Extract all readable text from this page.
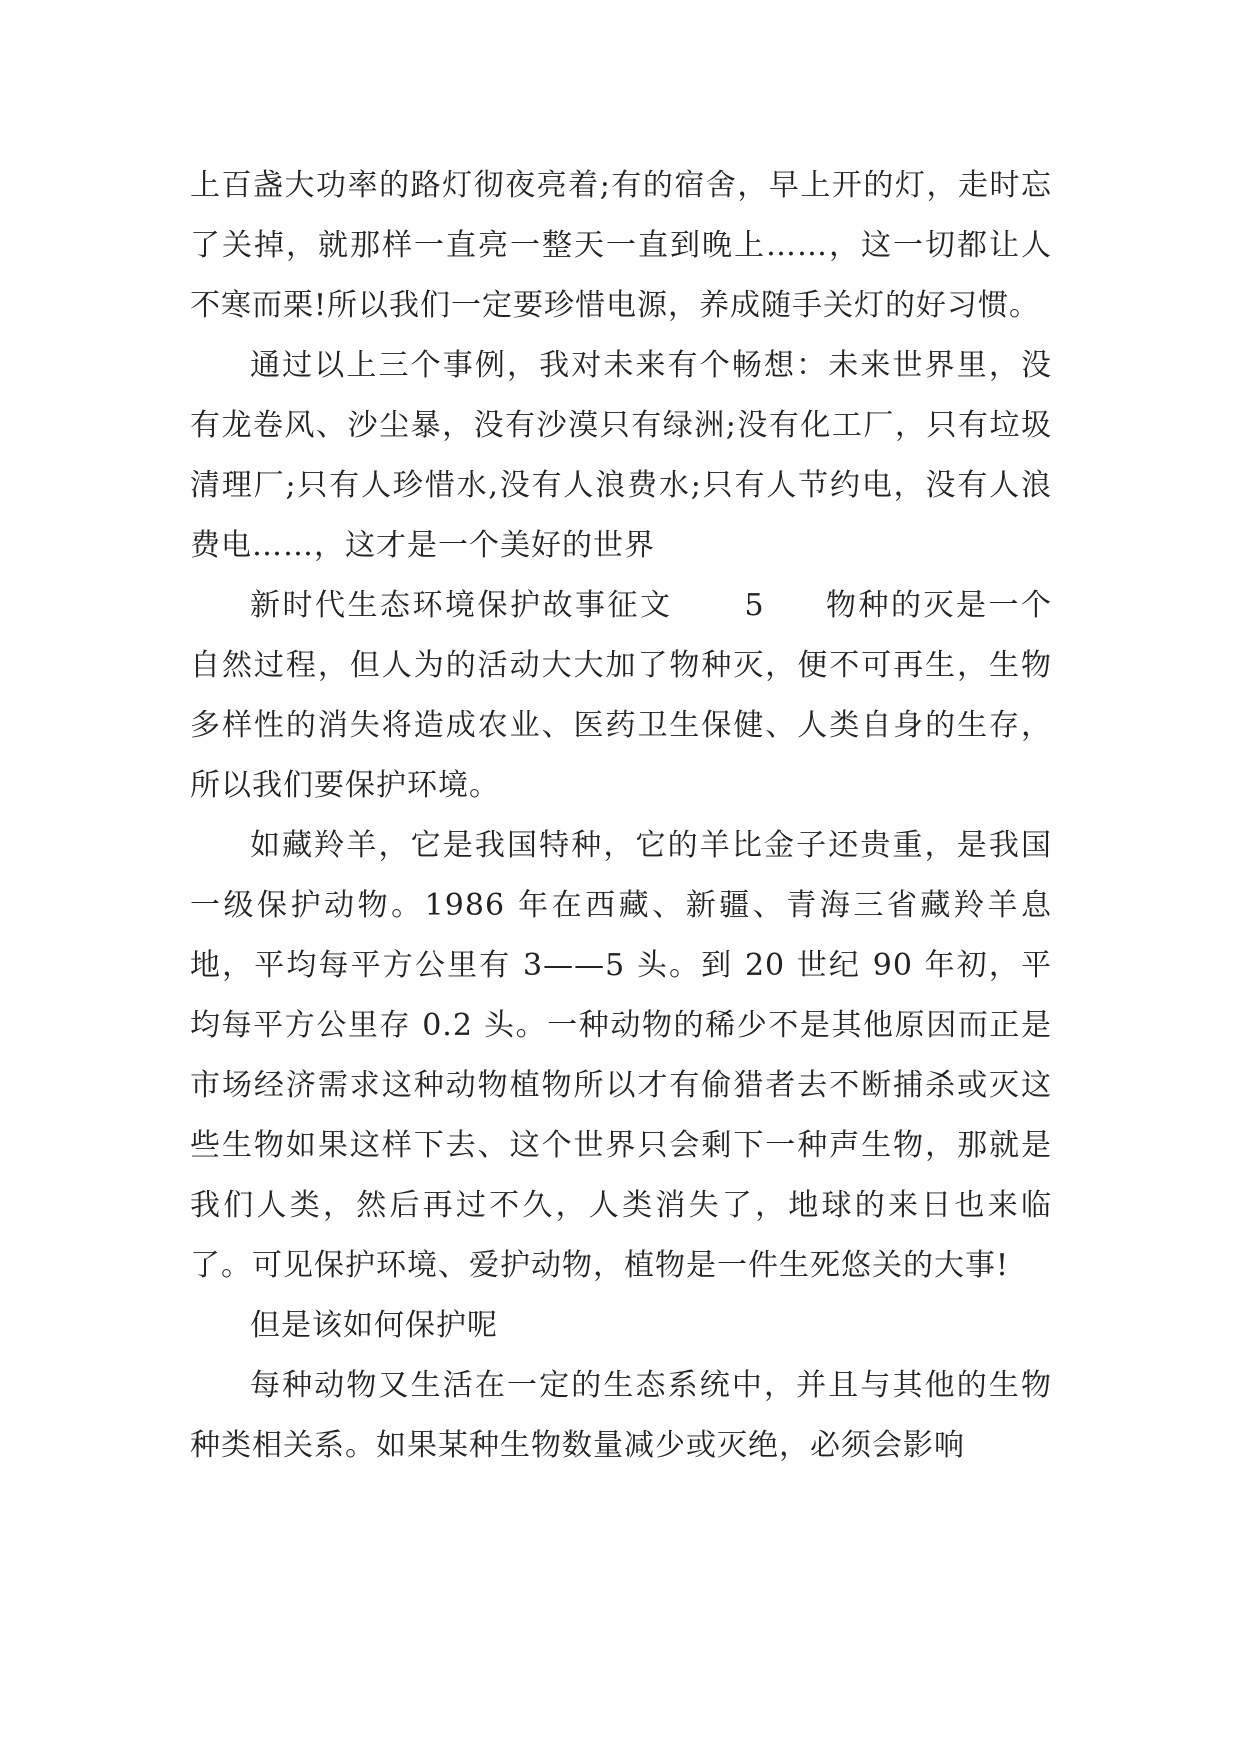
上百盏大功率的路灯彻夜亮着;有的宿舍，早上开的灯，走时忘了关掉，就那样一直亮一整天一直到晚上……，这一切都让人不寒而栗!所以我们一定要珍惜电源，养成随手关灯的好习惯。

通过以上三个事例，我对未来有个畅想：未来世界里，没有龙卷风、沙尘暴，没有沙漠只有绿洲;没有化工厂，只有垃圾清理厂;只有人珍惜水,没有人浪费水;只有人节约电，没有人浪费电……，这才是一个美好的世界

新时代生态环境保护故事征文 5 物种的灭是一个自然过程，但人为的活动大大加了物种灭，便不可再生，生物多样性的消失将造成农业、医药卫生保健、人类自身的生存，所以我们要保护环境。

如藏羚羊，它是我国特种，它的羊比金子还贵重，是我国一级保护动物。1986 年在西藏、新疆、青海三省藏羚羊息地，平均每平方公里有 3——5 头。到 20 世纪 90 年初，平均每平方公里存 0.2 头。一种动物的稀少不是其他原因而正是市场经济需求这种动物植物所以才有偷猎者去不断捕杀或灭这些生物如果这样下去、这个世界只会剩下一种声生物，那就是我们人类，然后再过不久，人类消失了，地球的来日也来临了。可见保护环境、爱护动物，植物是一件生死悠关的大事!

但是该如何保护呢

每种动物又生活在一定的生态系统中，并且与其他的生物种类相关系。如果某种生物数量减少或灭绝，必须会影响
